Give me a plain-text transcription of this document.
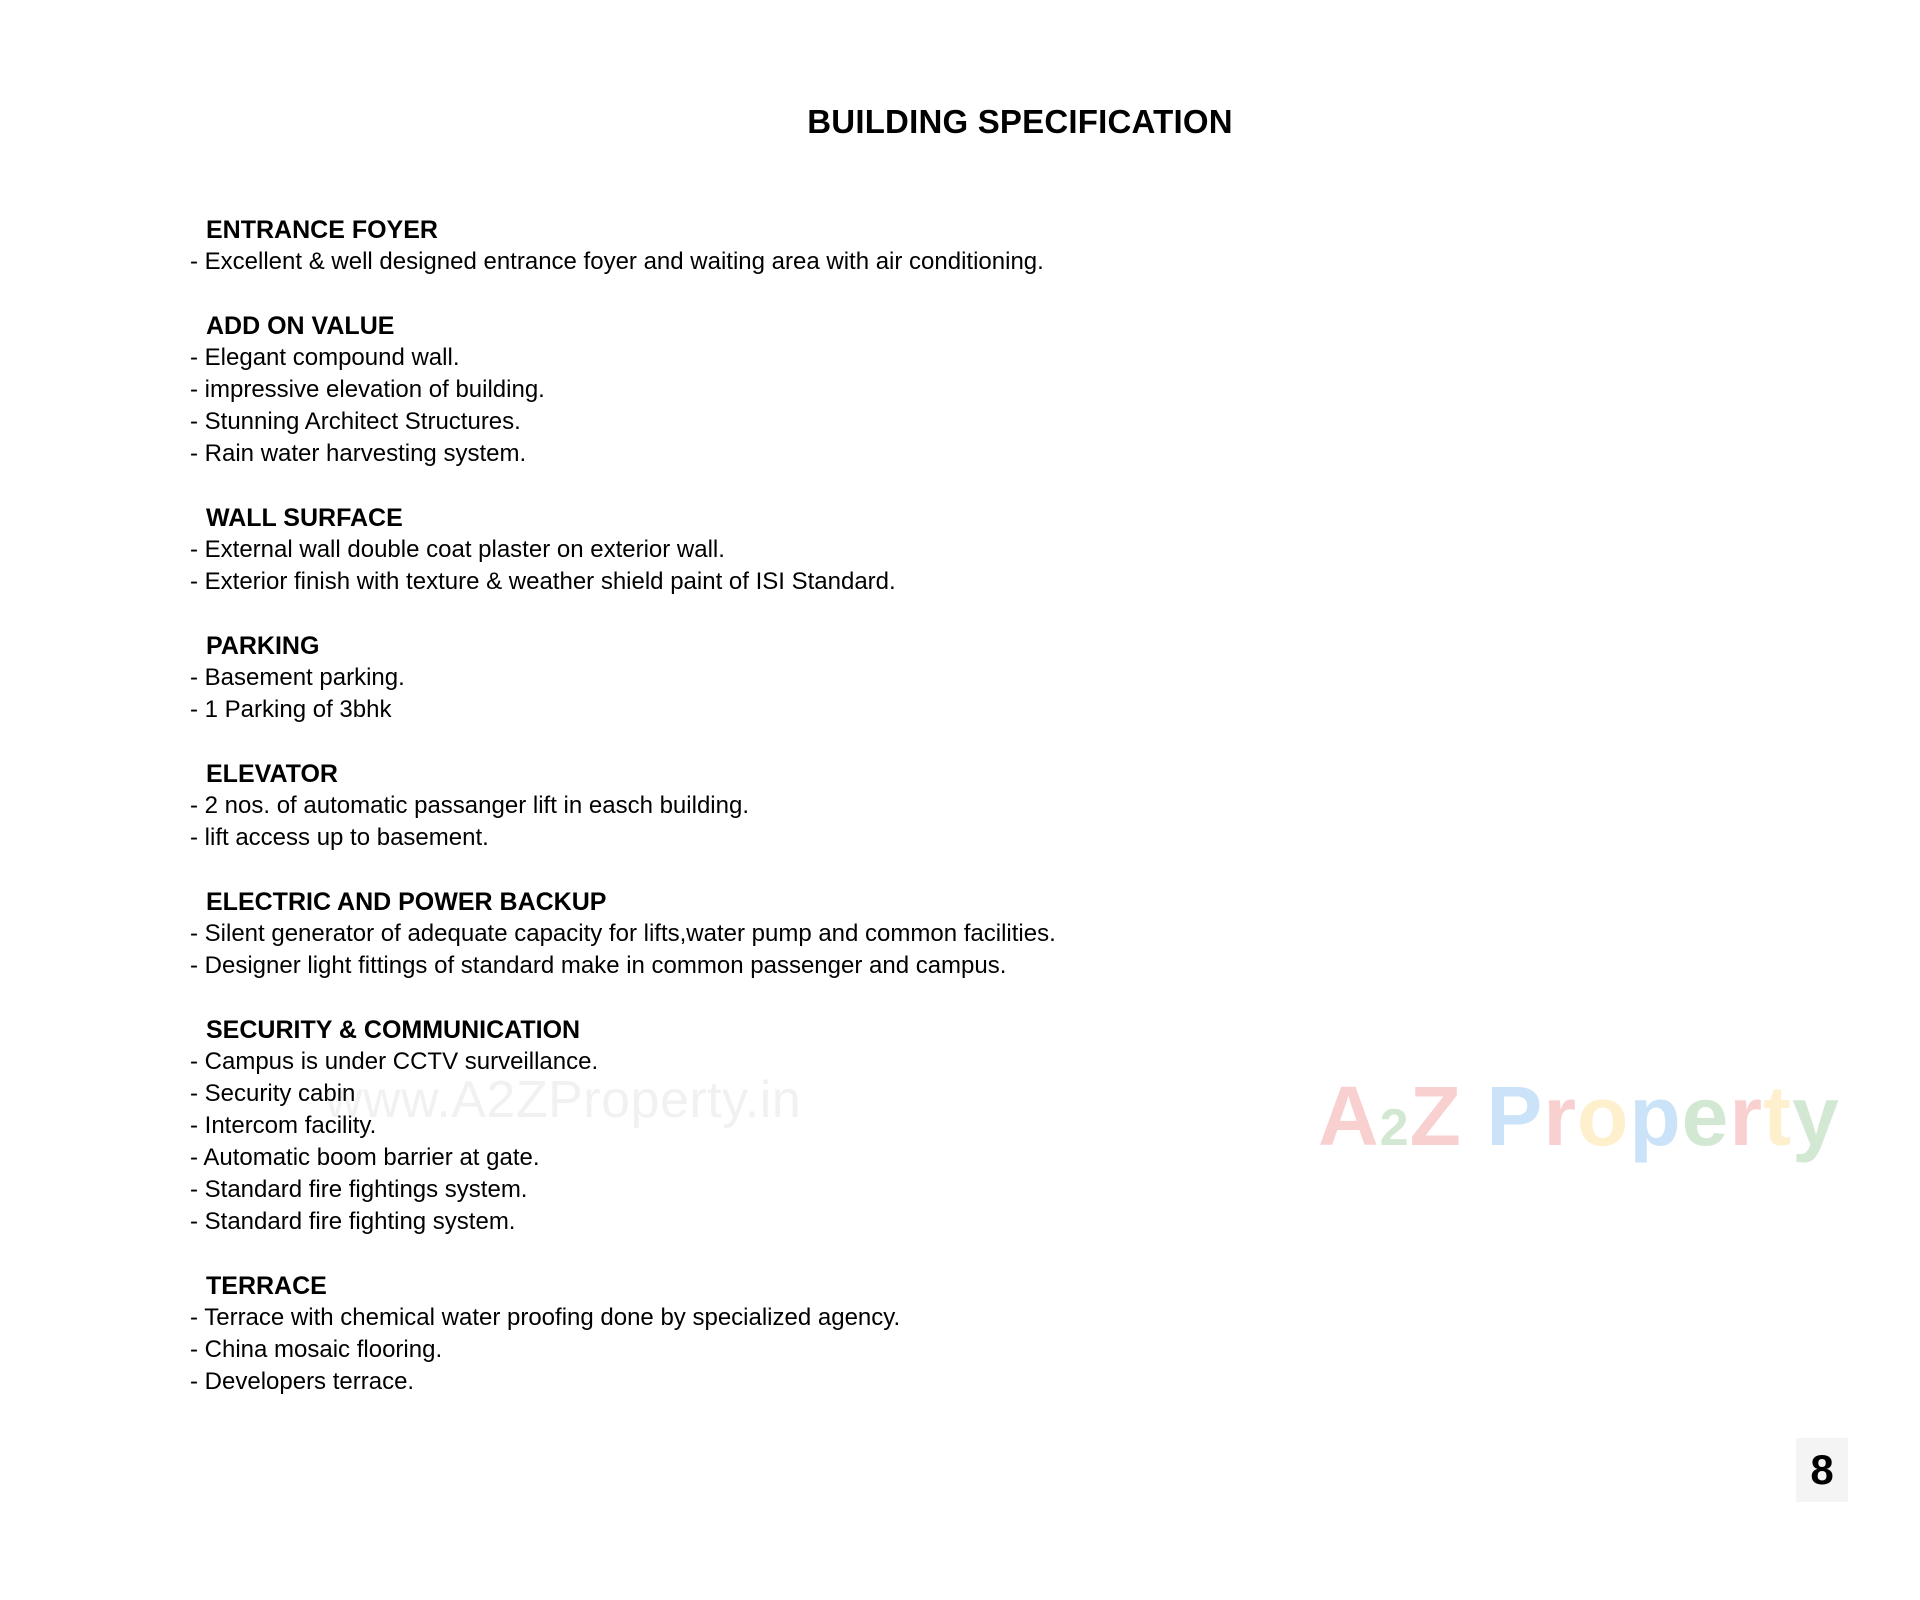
BUILDING SPECIFICATION
ENTRANCE FOYER
- Excellent & well designed entrance foyer and waiting area with air conditioning.
ADD ON VALUE
- Elegant compound wall.
- impressive elevation of building.
- Stunning Architect Structures.
- Rain water harvesting system.
WALL SURFACE
- External wall double coat plaster on exterior wall.
- Exterior finish with texture & weather shield paint of ISI Standard.
PARKING
- Basement parking.
- 1 Parking of 3bhk
ELEVATOR
- 2 nos. of automatic passanger lift in easch building.
- lift access up to basement.
ELECTRIC AND POWER BACKUP
- Silent generator of adequate capacity for lifts,water pump and common facilities.
- Designer light fittings of standard make in common passenger and campus.
SECURITY & COMMUNICATION
- Campus is under CCTV surveillance.
- Security cabin
- Intercom facility.
- Automatic boom barrier at gate.
- Standard fire fightings system.
- Standard fire fighting system.
TERRACE
- Terrace with chemical water proofing done by specialized agency.
- China mosaic flooring.
- Developers terrace.
www.A2ZProperty.in	A2Z Property
8
